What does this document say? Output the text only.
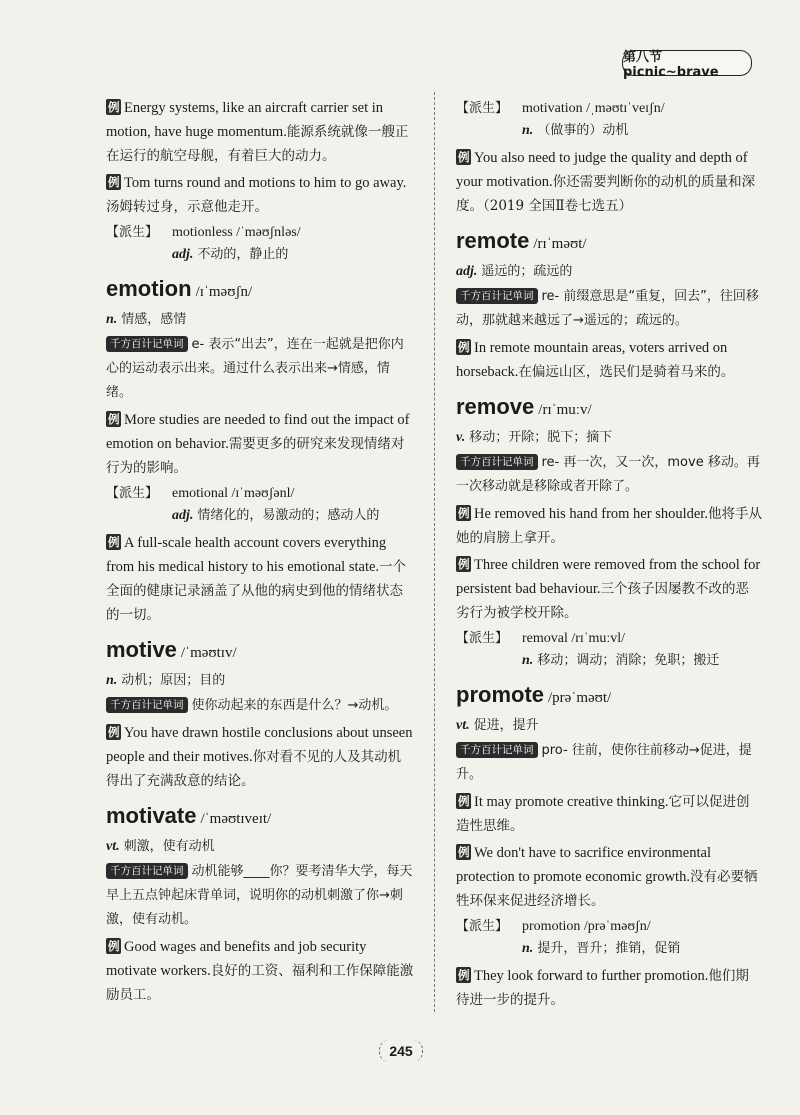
第八节 picnic~brave

例 Energy systems, like an aircraft carrier set in motion, have huge momentum.能源系统就像一艘正在运行的航空母舰，有着巨大的动力。

例 Tom turns round and motions to him to go away.汤姆转过身，示意他走开。

【派生】 motionless /ˈməʊʃnləs/
adj. 不动的，静止的
emotion /ɪˈməʊʃn/
n. 情感，感情

千方百计记单词 e- 表示“出去”，连在一起就是把你内心的运动表示出来。通过什么表示出来→情感，情绪。

例 More studies are needed to find out the impact of emotion on behavior.需要更多的研究来发现情绪对行为的影响。

【派生】 emotional /ɪˈməʊʃənl/
adj. 情绪化的，易激动的；感动人的

例 A full-scale health account covers everything from his medical history to his emotional state.一个全面的健康记录涵盖了从他的病史到他的情绪状态的一切。

motive /ˈməʊtɪv/
n. 动机；原因；目的

千方百计记单词 使你动起来的东西是什么？→动机。

例 You have drawn hostile conclusions about unseen people and their motives.你对看不见的人及其动机得出了充满敌意的结论。

motivate /ˈməʊtɪveɪt/
vt. 刺激，使有动机

千方百计记单词 动机能够____你？要考清华大学，每天早上五点钟起床背单词，说明你的动机刺激了你→刺激，使有动机。

例 Good wages and benefits and job security motivate workers.良好的工资、福利和工作保障能激励员工。

【派生】 motivation /ˌməʊtɪˈveɪʃn/
n. （做事的）动机

例 You also need to judge the quality and depth of your motivation.你还需要判断你的动机的质量和深度。（2019 全国Ⅱ卷七选五）

remote /rɪˈməʊt/
adj. 遥远的；疏远的

千方百计记单词 re- 前缀意思是“重复，回去”，往回移动，那就越来越远了→遥远的；疏远的。

例 In remote mountain areas, voters arrived on horseback.在偏远山区，选民们是骑着马来的。

remove /rɪˈmuːv/
v. 移动；开除；脱下；摘下

千方百计记单词 re- 再一次，又一次，move 移动。再一次移动就是移除或者开除了。

例 He removed his hand from her shoulder.他将手从她的肩膀上拿开。

例 Three children were removed from the school for persistent bad behaviour.三个孩子因屡教不改的恶劣行为被学校开除。

【派生】 removal /rɪˈmuːvl/
n. 移动；调动；消除；免职；搬迁
promote /prəˈməʊt/
vt. 促进，提升

千方百计记单词 pro- 往前，使你往前移动→促进，提升。

例 It may promote creative thinking.它可以促进创造性思维。

例 We don't have to sacrifice environmental protection to promote economic growth.没有必要牺牲环保来促进经济增长。

【派生】 promotion /prəˈməʊʃn/
n. 提升，晋升；推销，促销

例 They look forward to further promotion.他们期待进一步的提升。

245
